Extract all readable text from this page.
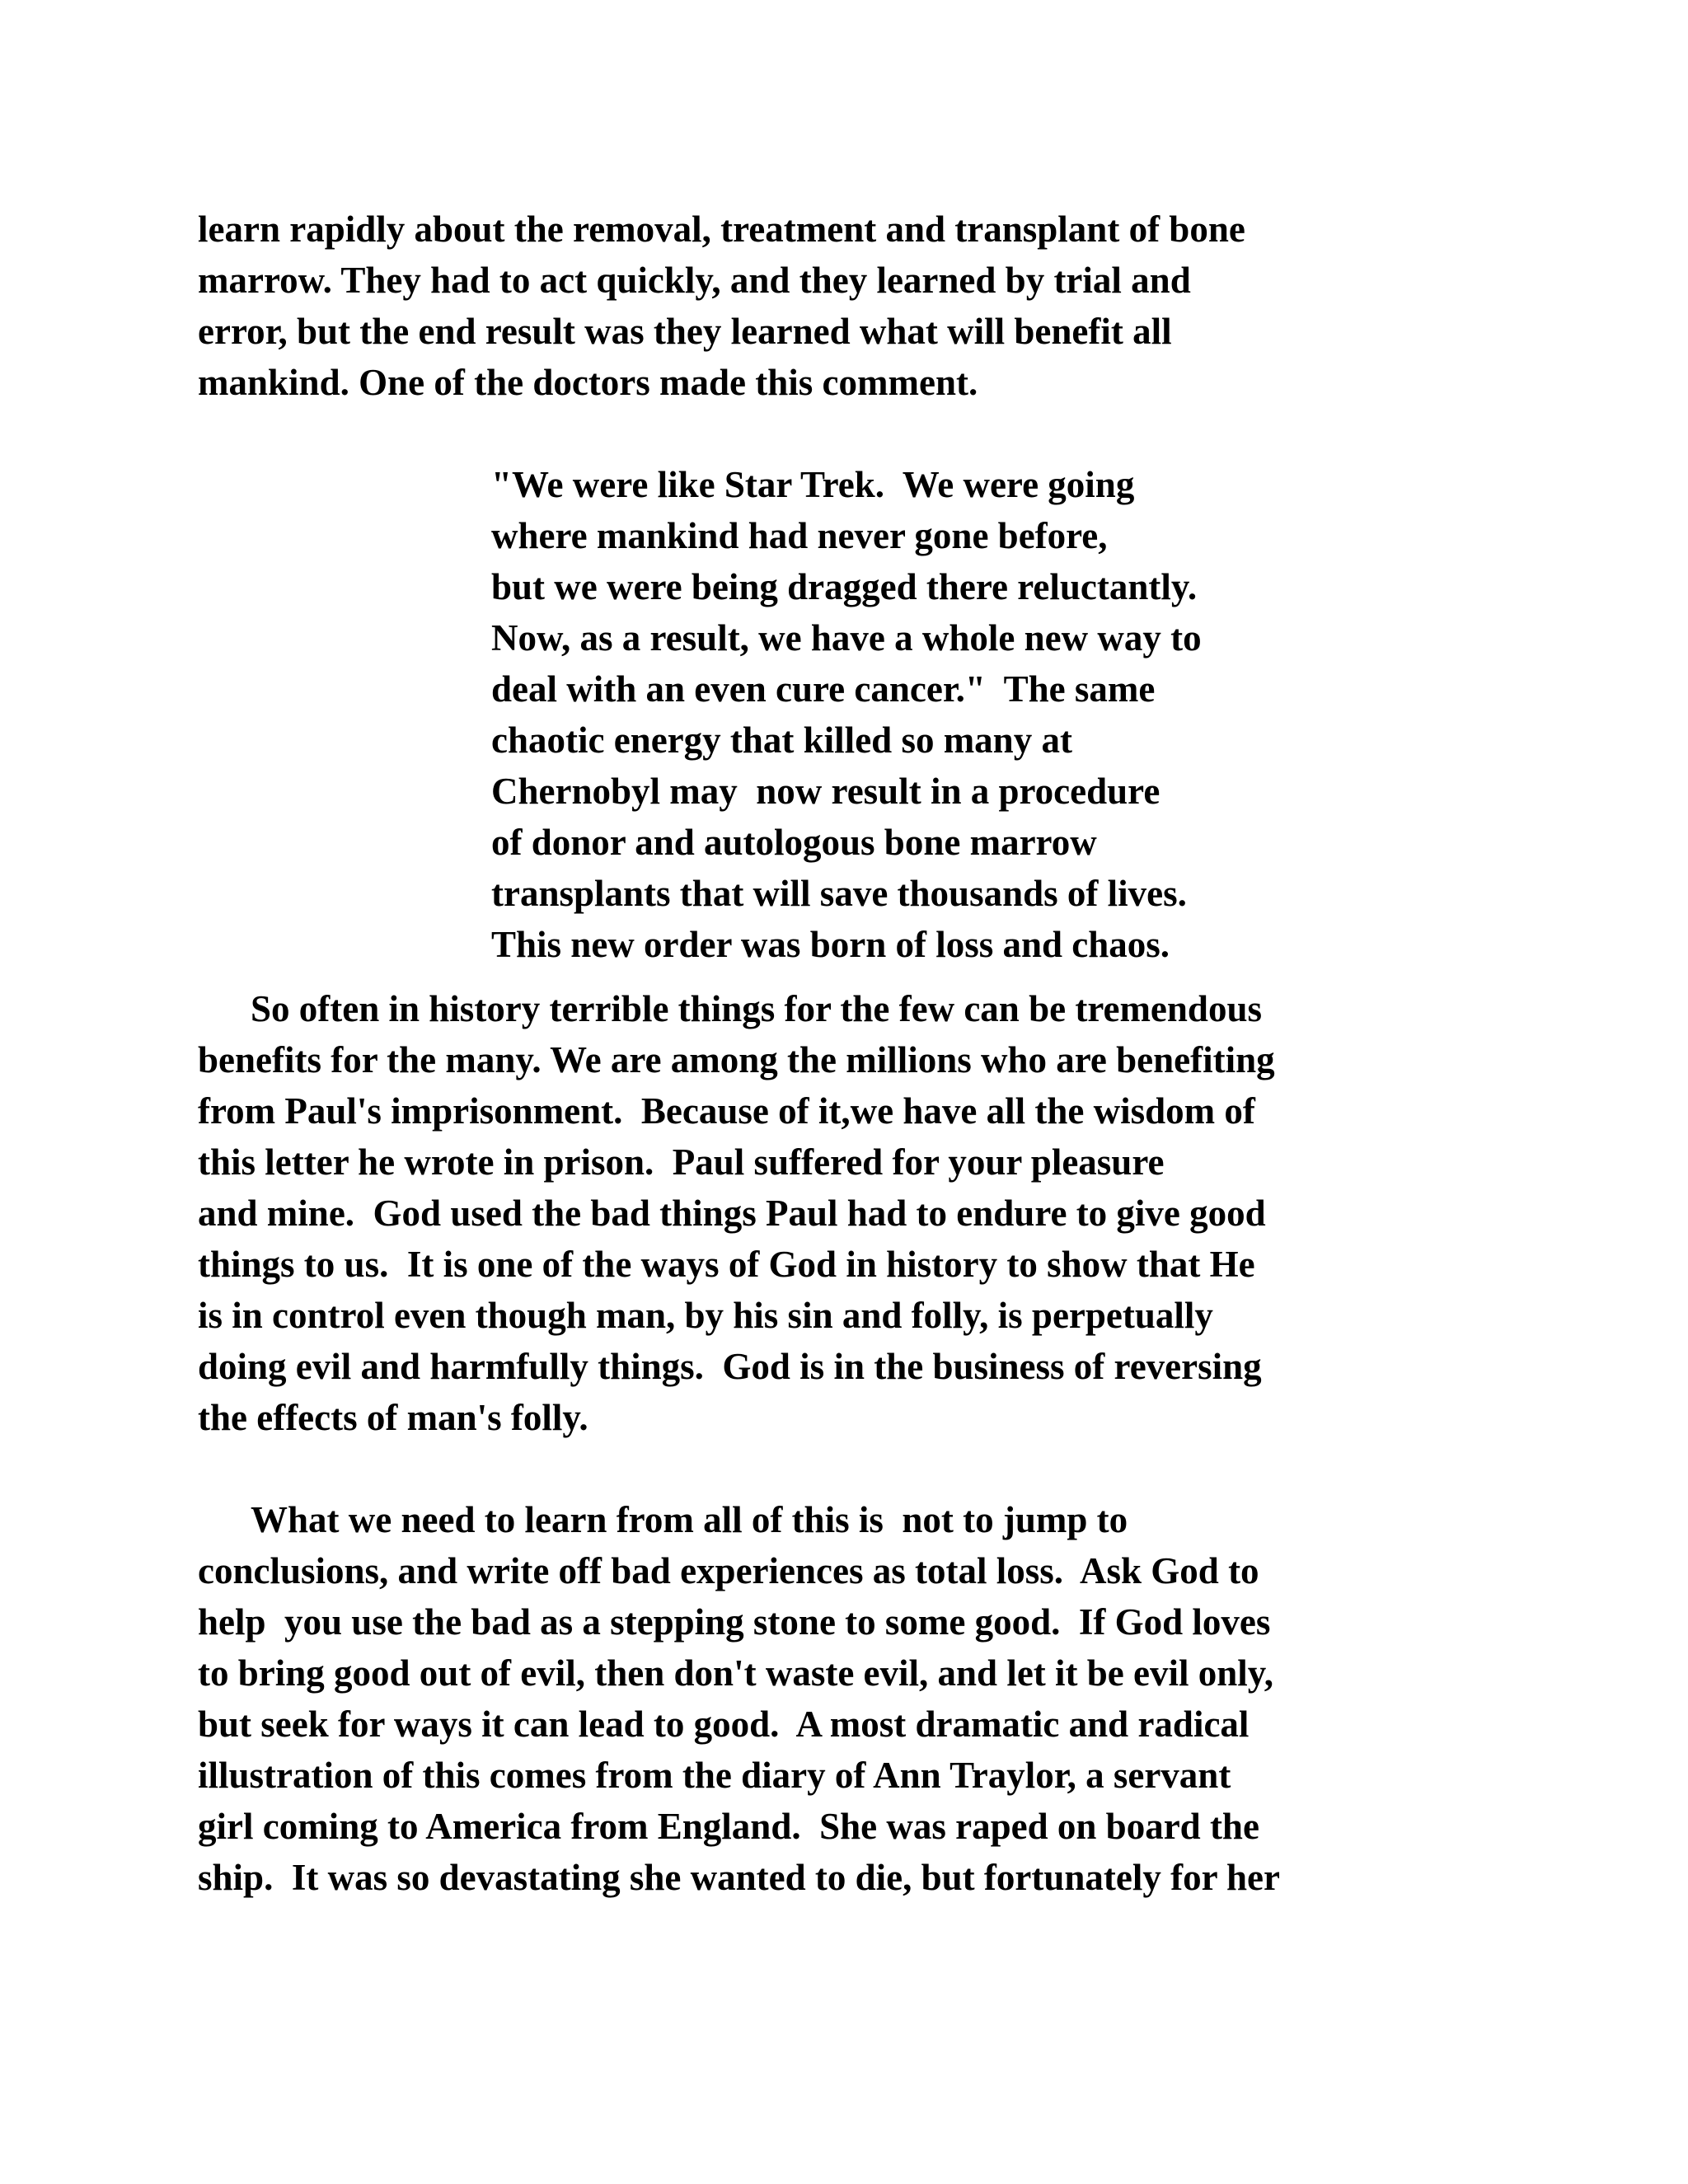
learn rapidly about the removal, treatment and transplant of bone
marrow. They had to act quickly, and they learned by trial and
error, but the end result was they learned what will benefit all
mankind. One of the doctors made this comment.
"We were like Star Trek.  We were going
where mankind had never gone before,
but we were being dragged there reluctantly.
Now, as a result, we have a whole new way to
deal with an even cure cancer."  The same
chaotic energy that killed so many at
Chernobyl may  now result in a procedure
of donor and autologous bone marrow
transplants that will save thousands of lives.
This new order was born of loss and chaos.
So often in history terrible things for the few can be tremendous
benefits for the many. We are among the millions who are benefiting
from Paul's imprisonment.  Because of it,we have all the wisdom of
this letter he wrote in prison.  Paul suffered for your pleasure
and mine.  God used the bad things Paul had to endure to give good
things to us.  It is one of the ways of God in history to show that He
is in control even though man, by his sin and folly, is perpetually
doing evil and harmfully things.  God is in the business of reversing
the effects of man's folly.
What we need to learn from all of this is  not to jump to
conclusions, and write off bad experiences as total loss.  Ask God to
help  you use the bad as a stepping stone to some good.  If God loves
to bring good out of evil, then don't waste evil, and let it be evil only,
but seek for ways it can lead to good.  A most dramatic and radical
illustration of this comes from the diary of Ann Traylor, a servant
girl coming to America from England.  She was raped on board the
ship.  It was so devastating she wanted to die, but fortunately for her
